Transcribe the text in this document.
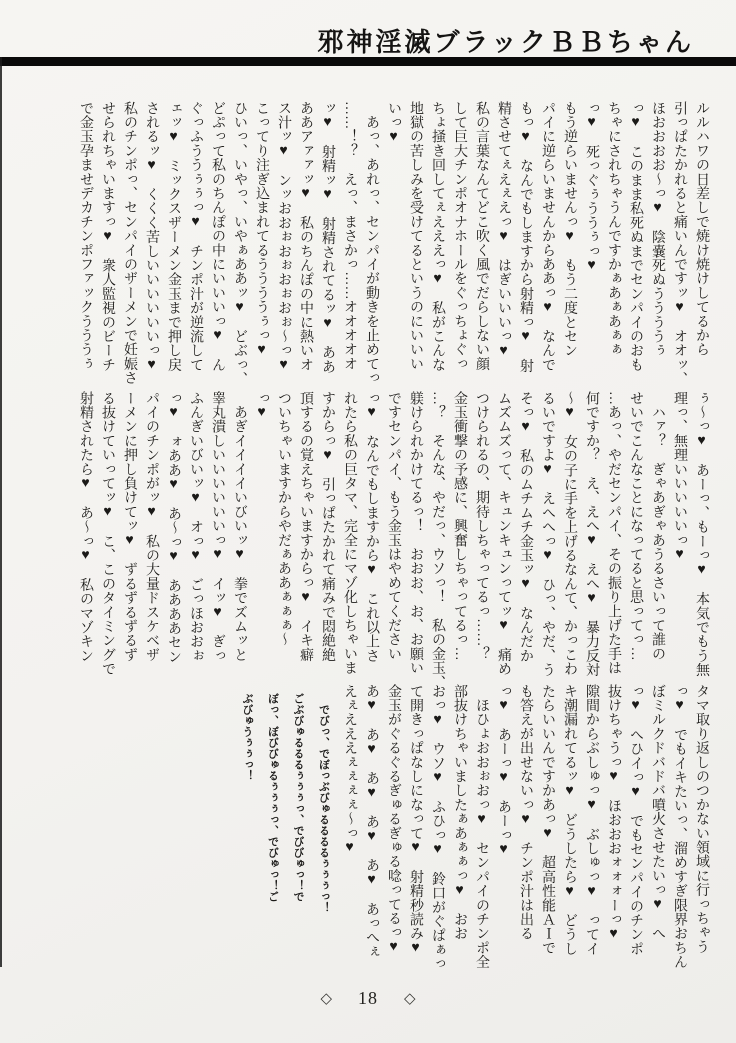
邪神淫滅ブラックＢＢちゃん
ルルハワの日差しで焼け焼けしてるから
引っぱたかれると痛いんですッ♥　オオッ、
ほおおおお〜っ♥　陰嚢死ぬううううぅ
っ♥　このまま私死ぬまでセンパイのおも
ちゃにされちゃうんですかぁあぁあぁぁ
っ♥　死っぐぅううぅっ♥
もう逆らいませんっ♥　もう二度とセン
パイに逆らいませんからああっ♥　なんで
もっ♥　なんでもしますから射精っ♥　射
精させてぇえぇえっ♥　はぎいいいっ♥
私の言葉なんてどこ吹く風でだらしない顔
して巨大チンポオナホールをぐっちょぐっ
ちょ掻き回してぇえええっ♥　私がこんな
地獄の苦しみを受けてるというのにいいい
いっ♥
　あっ、あれっ、センパイが動きを止めてっ
……！？　えっ、まさかっ……オオオオオ
ッ♥　射精ッ♥　射精されてるッ♥　ああ
ああアァァッ♥　私のちんぽの中に熱いオ
ス汁ッ♥　ンッおおぉおぉおぉおぉ〜っ♥
こってり注ぎ込まれてるううううぅっ♥
ひいっ、いやっ、いやぁああッ♥　どぶっ、
どぷって私のちんぽの中にいいいっ♥　ん
ぐっふううぅぅっ♥　チンポ汁が逆流して
ェッ♥　ミックスザーメン金玉まで押し戻
されるッ♥　くくく苦しいいいいいいっ♥
私のチンポっ、センパイのザーメンで妊娠さ
せられちゃいますっ♥　衆人監視のビーチ
で金玉孕ませデカチンポファックうううぅ
ぅ〜っ♥　あーっ、もーっ♥　本気でもう無
理っ、無理いいいいいっ♥
　ハァ？　ぎゃあぎゃあうるさいって誰の
せいでこんなことになってると思ってっ…
…あっ、やだセンパイ、その振り上げた手は
何ですか？　え、えへ♥　えへ♥　暴力反対
〜♥　女の子に手を上げるなんて、かっこわ
るいですよ♥　えへへっ♥　ひっ、やだ、う
そっ♥　私のムチムチ金玉ッ♥　なんだか
ムズムズって、キュンキュンってッ♥　痛め
つけられるの、期待しちゃってるっ……？
金玉衝撃の予感に、興奮しちゃってるっ…
…？　そんな、やだっ、ウソっ！　私の金玉、
躾けられかけてるっ！　おおお、お、お願い
ですセンパイ、もう金玉はやめてください
っ♥　なんでもしますから♥　これ以上さ
れたら私の巨タマ、完全にマゾ化しちゃいま
すからっ♥　引っぱたかれて痛みで悶絶絶
頂するの覚えちゃいますからっ♥　イキ癖
ついちゃいますからやだぁああぁぁぁ〜
っ♥
　あぎイイイイいびいッ♥　拳でズムッと
睾丸潰しいいいいいいっ♥　イッ♥　ぎっ
ふんぎいびいッ♥　オっ♥　ごっほおおぉ
っ♥　ォああ♥　あ〜っ♥　ああああセン
パイのチンポがッ♥　私の大量ドスケベザ
ーメンに押し負けてッ♥　ずるずるずるず
る抜けていってッ♥　こ、このタイミングで
射精されたら♥　あ〜っ♥　私のマゾキン
タマ取り返しのつかない領域に行っちゃう
っ♥　でもイキたいっ、溜めすぎ限界おちん
ぼミルクドバドバ噴火させたいっ♥　へ
っ♥　へひイっ♥　でもセンパイのチンポ
抜けちゃうっ♥　ほおおおォォォーっ♥
隙間からぶしゅっ♥　ぶしゅっ♥　ってイ
キ潮漏れてるッ♥　どうしたら♥　どうし
たらいいんですかあっ♥　超高性能ＡＩで
も答えが出せないっ♥　チンポ汁は出る
っ♥　あーっ♥　あーっ♥
　ほひょおおぉおっ♥　センパイのチンポ全
部抜けちゃいましたぁあぁぁっ♥　おお
おっ♥　ウソ♥　ふひっ♥　鈴口がぐぱぁっ
て開きっぱなしになって♥　射精秒読み♥
金玉がぐるぐるぎゅるぎゅる唸ってるっ♥
あ♥　あ♥　あ♥　あ♥　あ♥　あっへぇ
えぇえええぇぇぇぇ〜っ♥
　でびっ、でぼっぶびゅるるるるぅぅぅっ！
ごぶびゅるるるぅぅぅっ、でびびゅっ！で
ぼっ、ぼびびゅるぅぅぅっ、でびゅっ！ご
ぶびゅうぅぅっ！
◇ 18 ◇
